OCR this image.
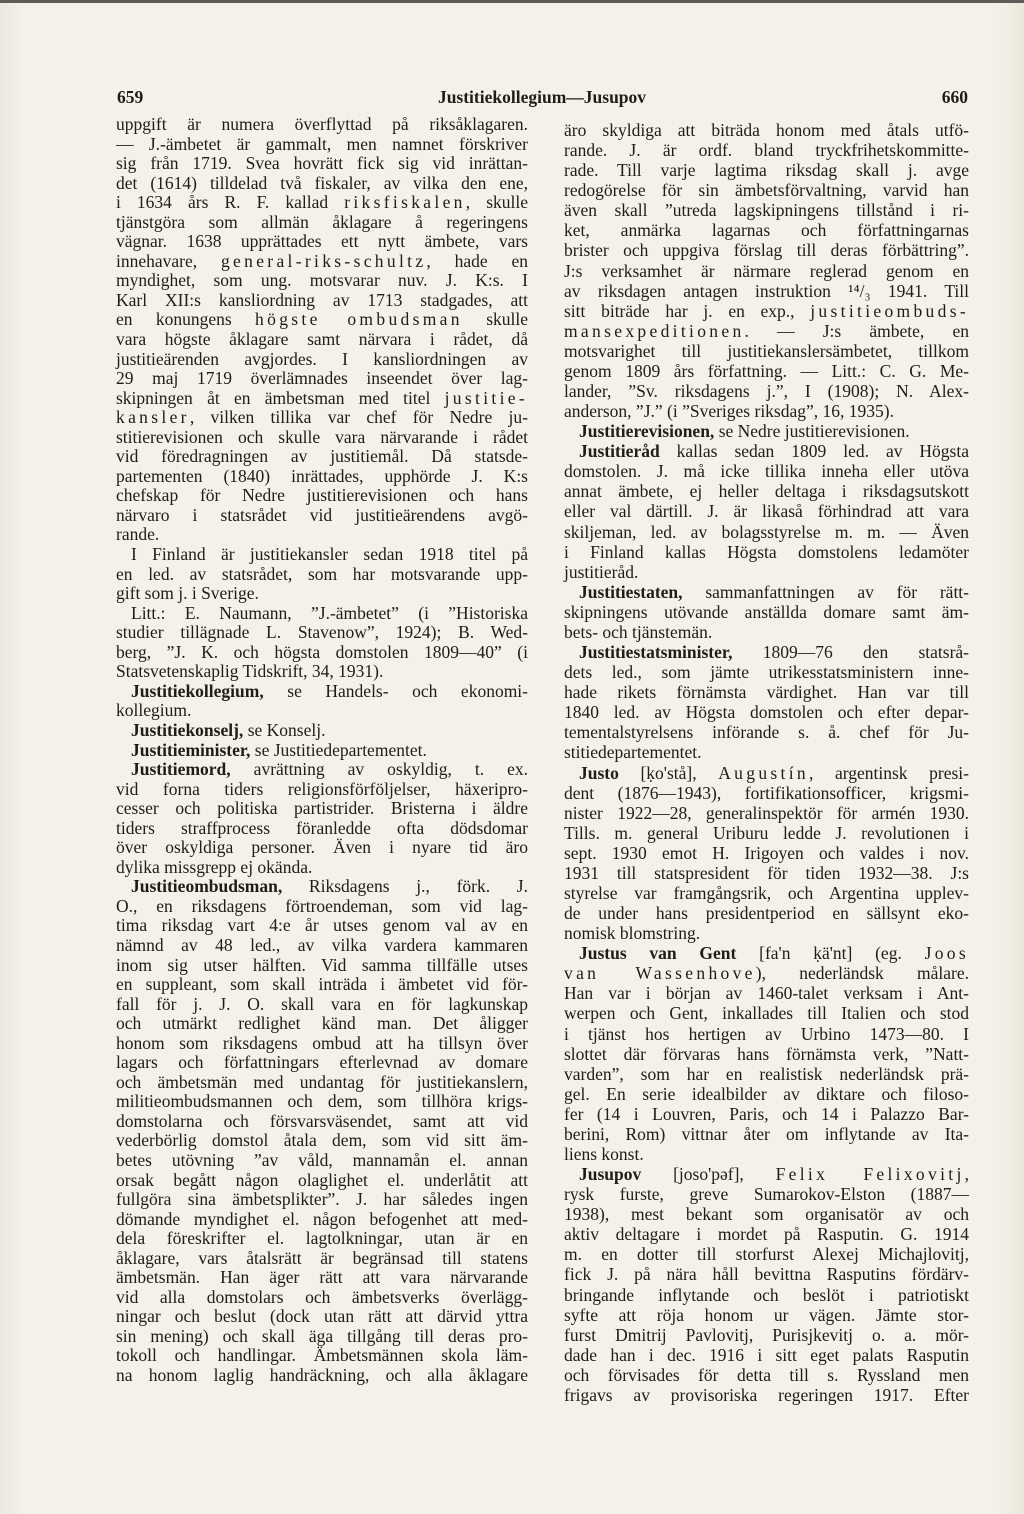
659	Justitiekollegium—Jusupov	660
uppgift är numera överflyttad på riksåklagaren.
— J.-ämbetet är gammalt, men namnet förskriver
sig från 1719. Svea hovrätt fick sig vid inrättan-
det (1614) tilldelad två fiskaler, av vilka den ene,
i 1634 års R. F. kallad riksfiskalen, skulle
tjänstgöra som allmän åklagare å regeringens
vägnar. 1638 upprättades ett nytt ämbete, vars
innehavare, general-riks-schultz, hade en
myndighet, som ung. motsvarar nuv. J. K:s. I
Karl XII:s kansliordning av 1713 stadgades, att
en konungens högste ombudsman skulle
vara högste åklagare samt närvara i rådet, då
justitieärenden avgjordes. I kansliordningen av
29 maj 1719 överlämnades inseendet över lag-
skipningen åt en ämbetsman med titel justitie-
kansler, vilken tillika var chef för Nedre ju-
stitierevisionen och skulle vara närvarande i rådet
vid föredragningen av justitiemål. Då statsde-
partementen (1840) inrättades, upphörde J. K:s
chefskap för Nedre justitierevisionen och hans
närvaro i statsrådet vid justitieärendens avgö-
rande.
I Finland är justitiekansler sedan 1918 titel på
en led. av statsrådet, som har motsvarande upp-
gift som j. i Sverige.
Litt.: E. Naumann, ”J.-ämbetet” (i ”Historiska
studier tillägnade L. Stavenow”, 1924); B. Wed-
berg, ”J. K. och högsta domstolen 1809—40” (i
Statsvetenskaplig Tidskrift, 34, 1931).
Justitiekollegium, se Handels- och ekonomi-
kollegium.
Justitiekonselj, se Konselj.
Justitieminister, se Justitiedepartementet.
Justitiemord, avrättning av oskyldig, t. ex.
vid forna tiders religionsförföljelser, häxeripro-
cesser och politiska partistrider. Bristerna i äldre
tiders straffprocess föranledde ofta dödsdomar
över oskyldiga personer. Även i nyare tid äro
dylika missgrepp ej okända.
Justitieombudsman, Riksdagens j., förk. J.
O., en riksdagens förtroendeman, som vid lag-
tima riksdag vart 4:e år utses genom val av en
nämnd av 48 led., av vilka vardera kammaren
inom sig utser hälften. Vid samma tillfälle utses
en suppleant, som skall inträda i ämbetet vid för-
fall för j. J. O. skall vara en för lagkunskap
och utmärkt redlighet känd man. Det åligger
honom som riksdagens ombud att ha tillsyn över
lagars och författningars efterlevnad av domare
och ämbetsmän med undantag för justitiekanslern,
militieombudsmannen och dem, som tillhöra krigs-
domstolarna och försvarsväsendet, samt att vid
vederbörlig domstol åtala dem, som vid sitt äm-
betes utövning ”av våld, mannamån el. annan
orsak begått någon olaglighet el. underlåtit att
fullgöra sina ämbetsplikter”. J. har således ingen
dömande myndighet el. någon befogenhet att med-
dela föreskrifter el. lagtolkningar, utan är en
åklagare, vars åtalsrätt är begränsad till statens
ämbetsmän. Han äger rätt att vara närvarande
vid alla domstolars och ämbetsverks överlägg-
ningar och beslut (dock utan rätt att därvid yttra
sin mening) och skall äga tillgång till deras pro-
tokoll och handlingar. Ämbetsmännen skola läm-
na honom laglig handräckning, och alla åklagare
äro skyldiga att biträda honom med åtals utfö-
rande. J. är ordf. bland tryckfrihetskommitte-
rade. Till varje lagtima riksdag skall j. avge
redogörelse för sin ämbetsförvaltning, varvid han
även skall ”utreda lagskipningens tillstånd i ri-
ket, anmärka lagarnas och författningarnas
brister och uppgiva förslag till deras förbättring”.
J:s verksamhet är närmare reglerad genom en
av riksdagen antagen instruktion ¹⁴/₃ 1941. Till
sitt biträde har j. en exp., justitieombuds-
mansexpeditionen. — J:s ämbete, en
motsvarighet till justitiekanslersämbetet, tillkom
genom 1809 års författning. — Litt.: C. G. Me-
lander, ”Sv. riksdagens j.”, I (1908); N. Alex-
anderson, ”J.” (i ”Sveriges riksdag”, 16, 1935).
Justitierevisionen, se Nedre justitierevisionen.
Justitieråd kallas sedan 1809 led. av Högsta
domstolen. J. må icke tillika inneha eller utöva
annat ämbete, ej heller deltaga i riksdagsutskott
eller val därtill. J. är likaså förhindrad att vara
skiljeman, led. av bolagsstyrelse m. m. — Även
i Finland kallas Högsta domstolens ledamöter
justitieråd.
Justitiestaten, sammanfattningen av för rätt-
skipningens utövande anställda domare samt äm-
bets- och tjänstemän.
Justitiestatsminister, 1809—76 den statsrå-
dets led., som jämte utrikesstatsministern inne-
hade rikets förnämsta värdighet. Han var till
1840 led. av Högsta domstolen och efter depar-
tementalstyrelsens införande s. å. chef för Ju-
stitiedepartementet.
Justo [ḳo'stå], Augustín, argentinsk presi-
dent (1876—1943), fortifikationsofficer, krigsmi-
nister 1922—28, generalinspektör för armén 1930.
Tills. m. general Uriburu ledde J. revolutionen i
sept. 1930 emot H. Irigoyen och valdes i nov.
1931 till statspresident för tiden 1932—38. J:s
styrelse var framgångsrik, och Argentina upplev-
de under hans presidentperiod en sällsynt eko-
nomisk blomstring.
Justus van Gent [fa'n ḳä'nt] (eg. Joos
van Wassenhove), nederländsk målare.
Han var i början av 1460-talet verksam i Ant-
werpen och Gent, inkallades till Italien och stod
i tjänst hos hertigen av Urbino 1473—80. I
slottet där förvaras hans förnämsta verk, ”Natt-
varden”, som har en realistisk nederländsk prä-
gel. En serie idealbilder av diktare och filoso-
fer (14 i Louvren, Paris, och 14 i Palazzo Bar-
berini, Rom) vittnar åter om inflytande av Ita-
liens konst.
Jusupov [joso'pəf], Felix Felixovitj,
rysk furste, greve Sumarokov-Elston (1887—
1938), mest bekant som organisatör av och
aktiv deltagare i mordet på Rasputin. G. 1914
m. en dotter till storfurst Alexej Michajlovitj,
fick J. på nära håll bevittna Rasputins fördärv-
bringande inflytande och beslöt i patriotiskt
syfte att röja honom ur vägen. Jämte stor-
furst Dmitrij Pavlovitj, Purisjkevitj o. a. mör-
dade han i dec. 1916 i sitt eget palats Rasputin
och förvisades för detta till s. Ryssland men
frigavs av provisoriska regeringen 1917. Efter
